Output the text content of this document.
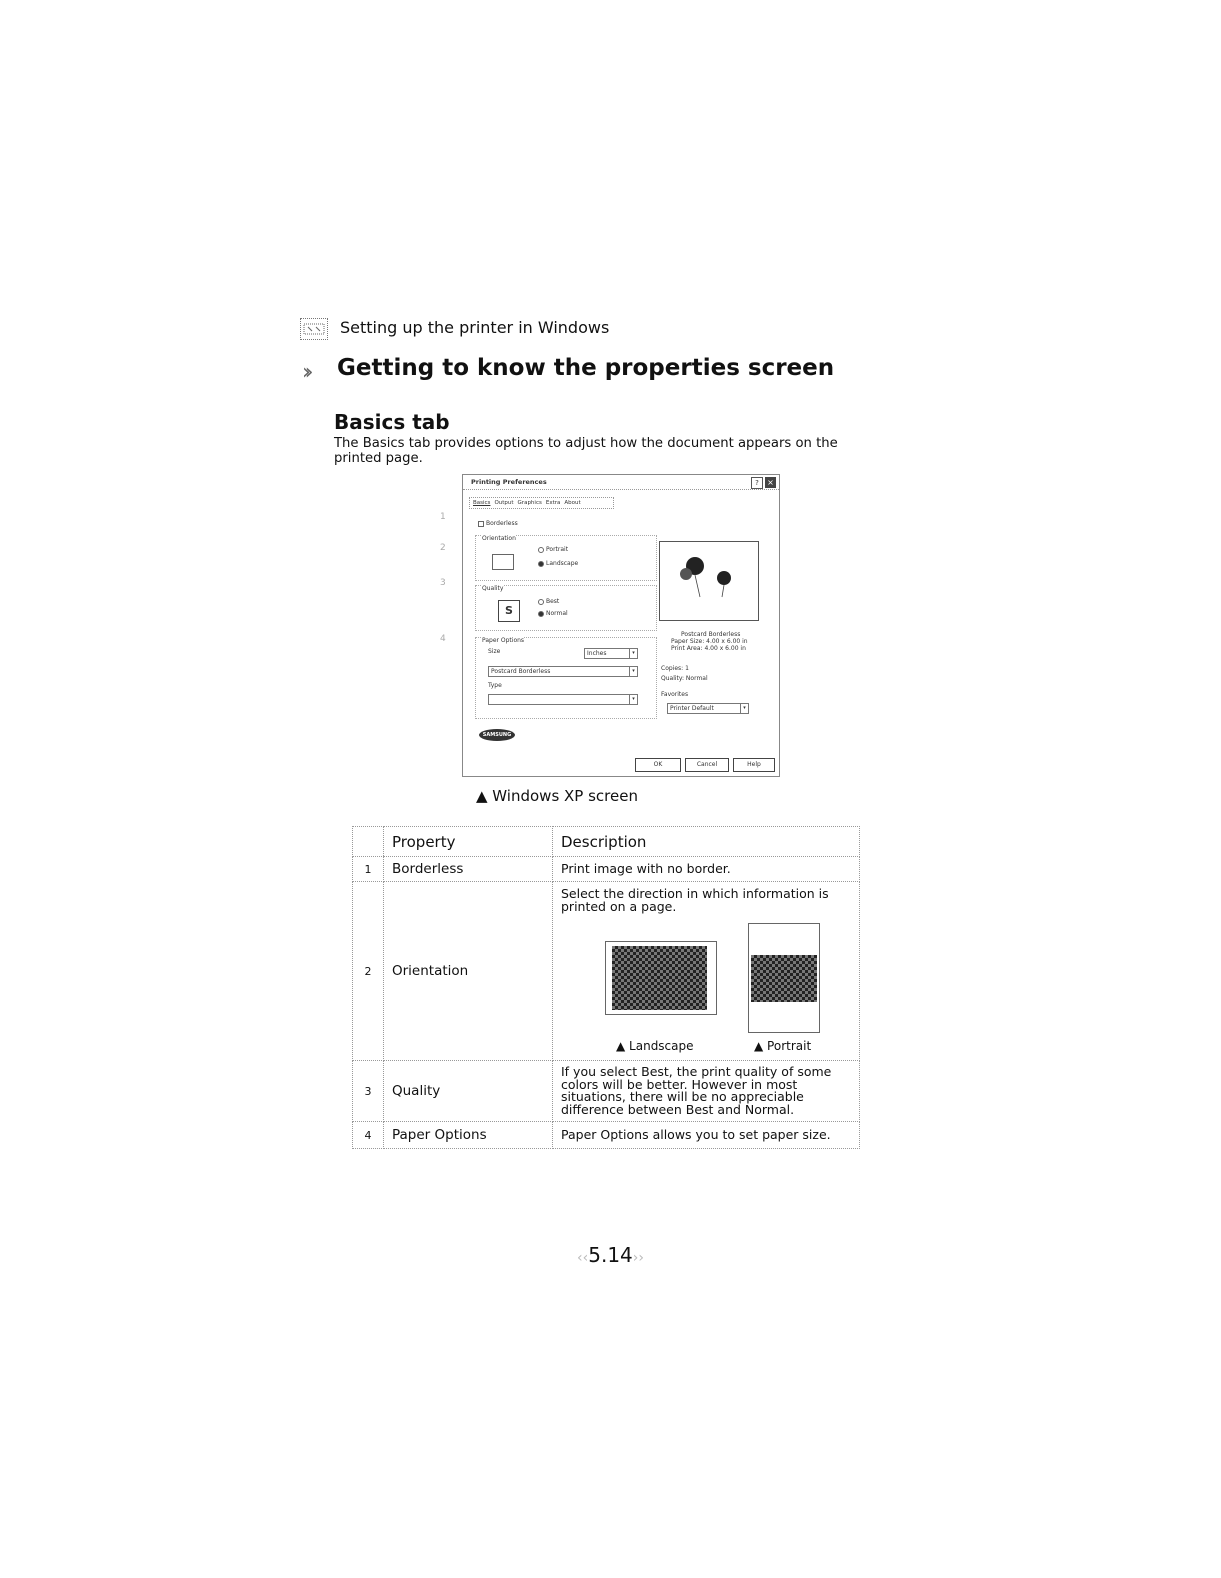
Setting up the printer in Windows
›› Getting to know the properties screen
Basics tab

The Basics tab provides options to adjust how the document appears on the printed page.

1
2
3
4
Printing Preferences	?	×
Basics Output Graphics Extra About
Borderless
Orientation
Portrait
Landscape
Quality
S
Best
Normal
Paper Options
Size	Inches	▾
Postcard Borderless	▾
Type
▾
SAMSUNG
Postcard Borderless
Paper Size: 4.00 x 6.00 in
Print Area: 4.00 x 6.00 in
Copies: 1
Quality: Normal
Favorites
Printer Default	▾
OK	Cancel	Help
▲ Windows XP screen
	Property	Description
1	Borderless	Print image with no border.
2	Orientation	Select the direction in which information is printed on a page.
▲ Landscape ▲ Portrait

3	Quality	If you select Best, the print quality of some colors will be better. However in most situations, there will be no appreciable difference between Best and Normal.
4	Paper Options	Paper Options allows you to set paper size.
‹‹5.14››
